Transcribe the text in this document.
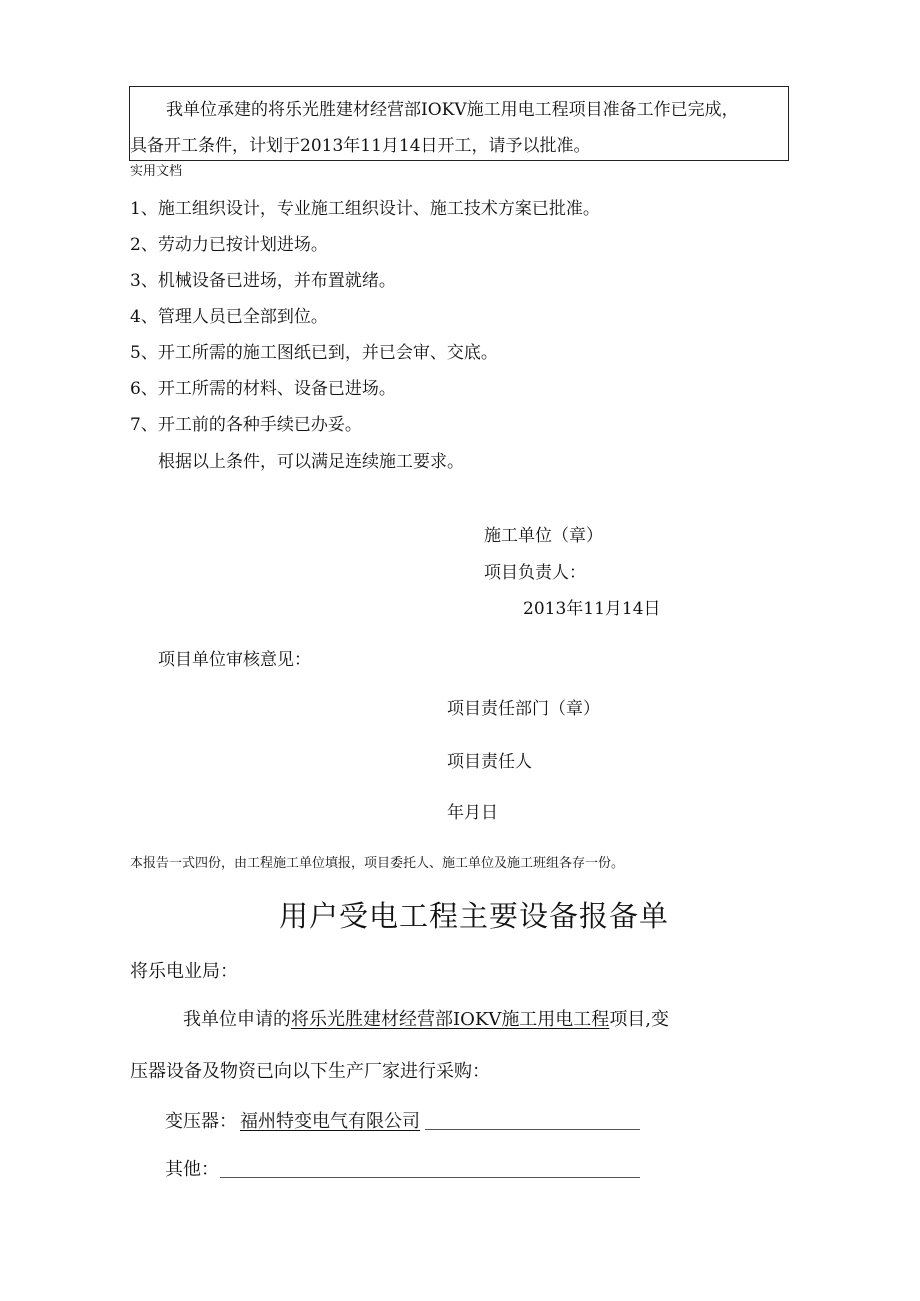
我单位承建的将乐光胜建材经营部IOKV施工用电工程项目准备工作已完成，
具备开工条件，计划于2013年11月14日开工，请予以批准。
实用文档
1、施工组织设计，专业施工组织设计、施工技术方案已批准。
2、劳动力已按计划进场。
3、机械设备已进场，并布置就绪。
4、管理人员已全部到位。
5、开工所需的施工图纸已到，并已会审、交底。
6、开工所需的材料、设备已进场。
7、开工前的各种手续已办妥。
根据以上条件，可以满足连续施工要求。
施工单位（章）
项目负责人：
2013年11月14日
项目单位审核意见：
项目责任部门（章）
项目责任人
年月日
本报告一式四份，由工程施工单位填报，项目委托人、施工单位及施工班组各存一份。
用户受电工程主要设备报备单
将乐电业局：
我单位申请的将乐光胜建材经营部IOKV施工用电工程项目,变
压器设备及物资已向以下生产厂家进行采购：
变压器： 福州特变电气有限公司
其他：
